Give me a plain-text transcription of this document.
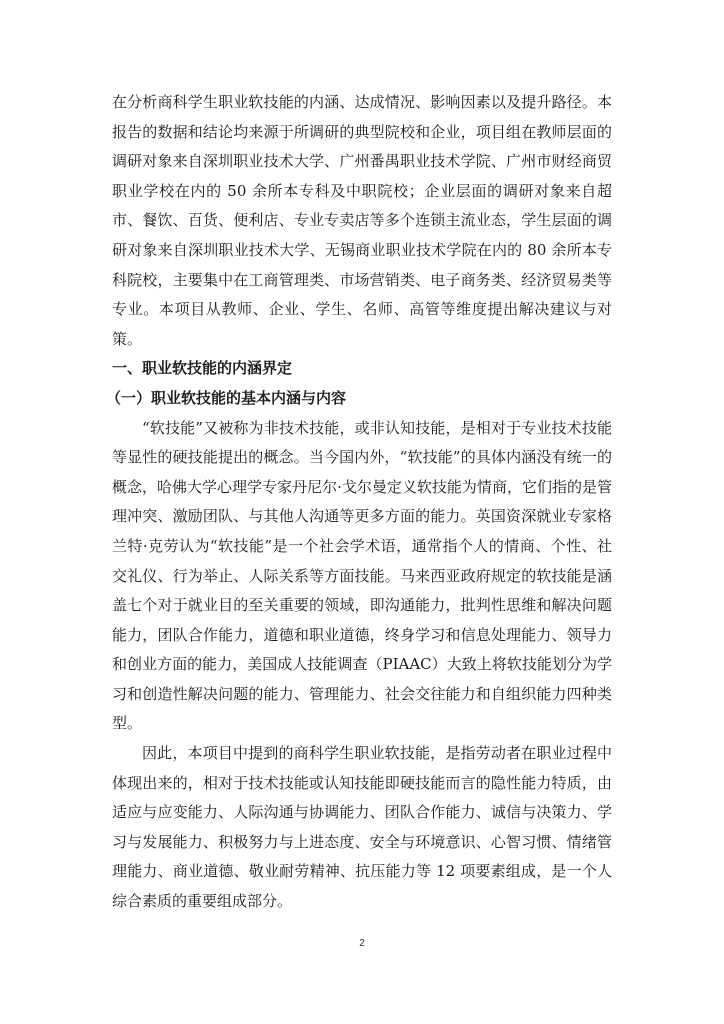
在分析商科学生职业软技能的内涵、达成情况、影响因素以及提升路径。本报告的数据和结论均来源于所调研的典型院校和企业，项目组在教师层面的调研对象来自深圳职业技术大学、广州番禺职业技术学院、广州市财经商贸职业学校在内的 50 余所本专科及中职院校；企业层面的调研对象来自超市、餐饮、百货、便利店、专业专卖店等多个连锁主流业态，学生层面的调研对象来自深圳职业技术大学、无锡商业职业技术学院在内的 80 余所本专科院校，主要集中在工商管理类、市场营销类、电子商务类、经济贸易类等专业。本项目从教师、企业、学生、名师、高管等维度提出解决建议与对策。

一、职业软技能的内涵界定

（一）职业软技能的基本内涵与内容

“软技能”又被称为非技术技能，或非认知技能，是相对于专业技术技能等显性的硬技能提出的概念。当今国内外，“软技能”的具体内涵没有统一的概念，哈佛大学心理学专家丹尼尔·戈尔曼定义软技能为情商，它们指的是管理冲突、激励团队、与其他人沟通等更多方面的能力。英国资深就业专家格兰特·克劳认为“软技能”是一个社会学术语，通常指个人的情商、个性、社交礼仪、行为举止、人际关系等方面技能。马来西亚政府规定的软技能是涵盖七个对于就业目的至关重要的领域，即沟通能力，批判性思维和解决问题能力，团队合作能力，道德和职业道德，终身学习和信息处理能力、领导力和创业方面的能力，美国成人技能调查（PIAAC）大致上将软技能划分为学习和创造性解决问题的能力、管理能力、社会交往能力和自组织能力四种类型。

因此，本项目中提到的商科学生职业软技能，是指劳动者在职业过程中体现出来的，相对于技术技能或认知技能即硬技能而言的隐性能力特质，由适应与应变能力、人际沟通与协调能力、团队合作能力、诚信与决策力、学习与发展能力、积极努力与上进态度、安全与环境意识、心智习惯、情绪管理能力、商业道德、敬业耐劳精神、抗压能力等 12 项要素组成，是一个人综合素质的重要组成部分。

2
